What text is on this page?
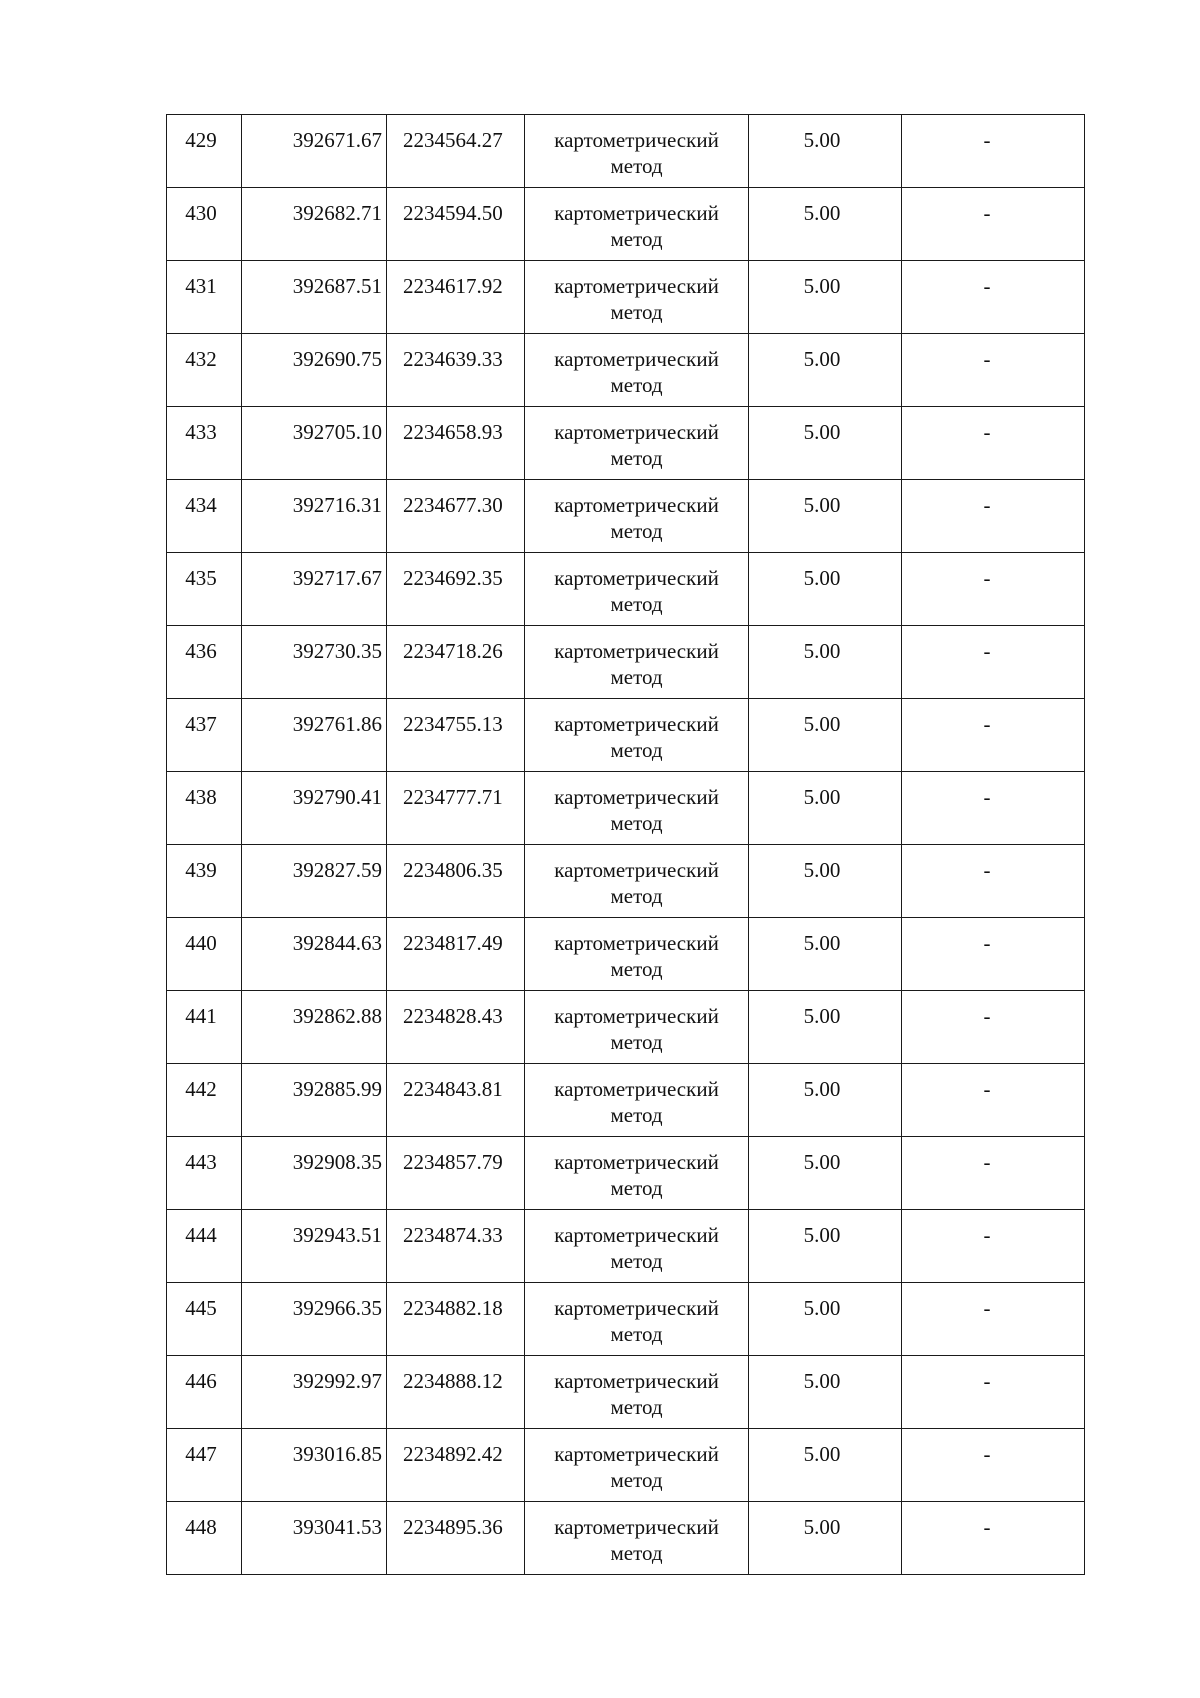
429	392671.67	2234564.27	картометрический метод	5.00	-
430	392682.71	2234594.50	картометрический метод	5.00	-
431	392687.51	2234617.92	картометрический метод	5.00	-
432	392690.75	2234639.33	картометрический метод	5.00	-
433	392705.10	2234658.93	картометрический метод	5.00	-
434	392716.31	2234677.30	картометрический метод	5.00	-
435	392717.67	2234692.35	картометрический метод	5.00	-
436	392730.35	2234718.26	картометрический метод	5.00	-
437	392761.86	2234755.13	картометрический метод	5.00	-
438	392790.41	2234777.71	картометрический метод	5.00	-
439	392827.59	2234806.35	картометрический метод	5.00	-
440	392844.63	2234817.49	картометрический метод	5.00	-
441	392862.88	2234828.43	картометрический метод	5.00	-
442	392885.99	2234843.81	картометрический метод	5.00	-
443	392908.35	2234857.79	картометрический метод	5.00	-
444	392943.51	2234874.33	картометрический метод	5.00	-
445	392966.35	2234882.18	картометрический метод	5.00	-
446	392992.97	2234888.12	картометрический метод	5.00	-
447	393016.85	2234892.42	картометрический метод	5.00	-
448	393041.53	2234895.36	картометрический метод	5.00	-
